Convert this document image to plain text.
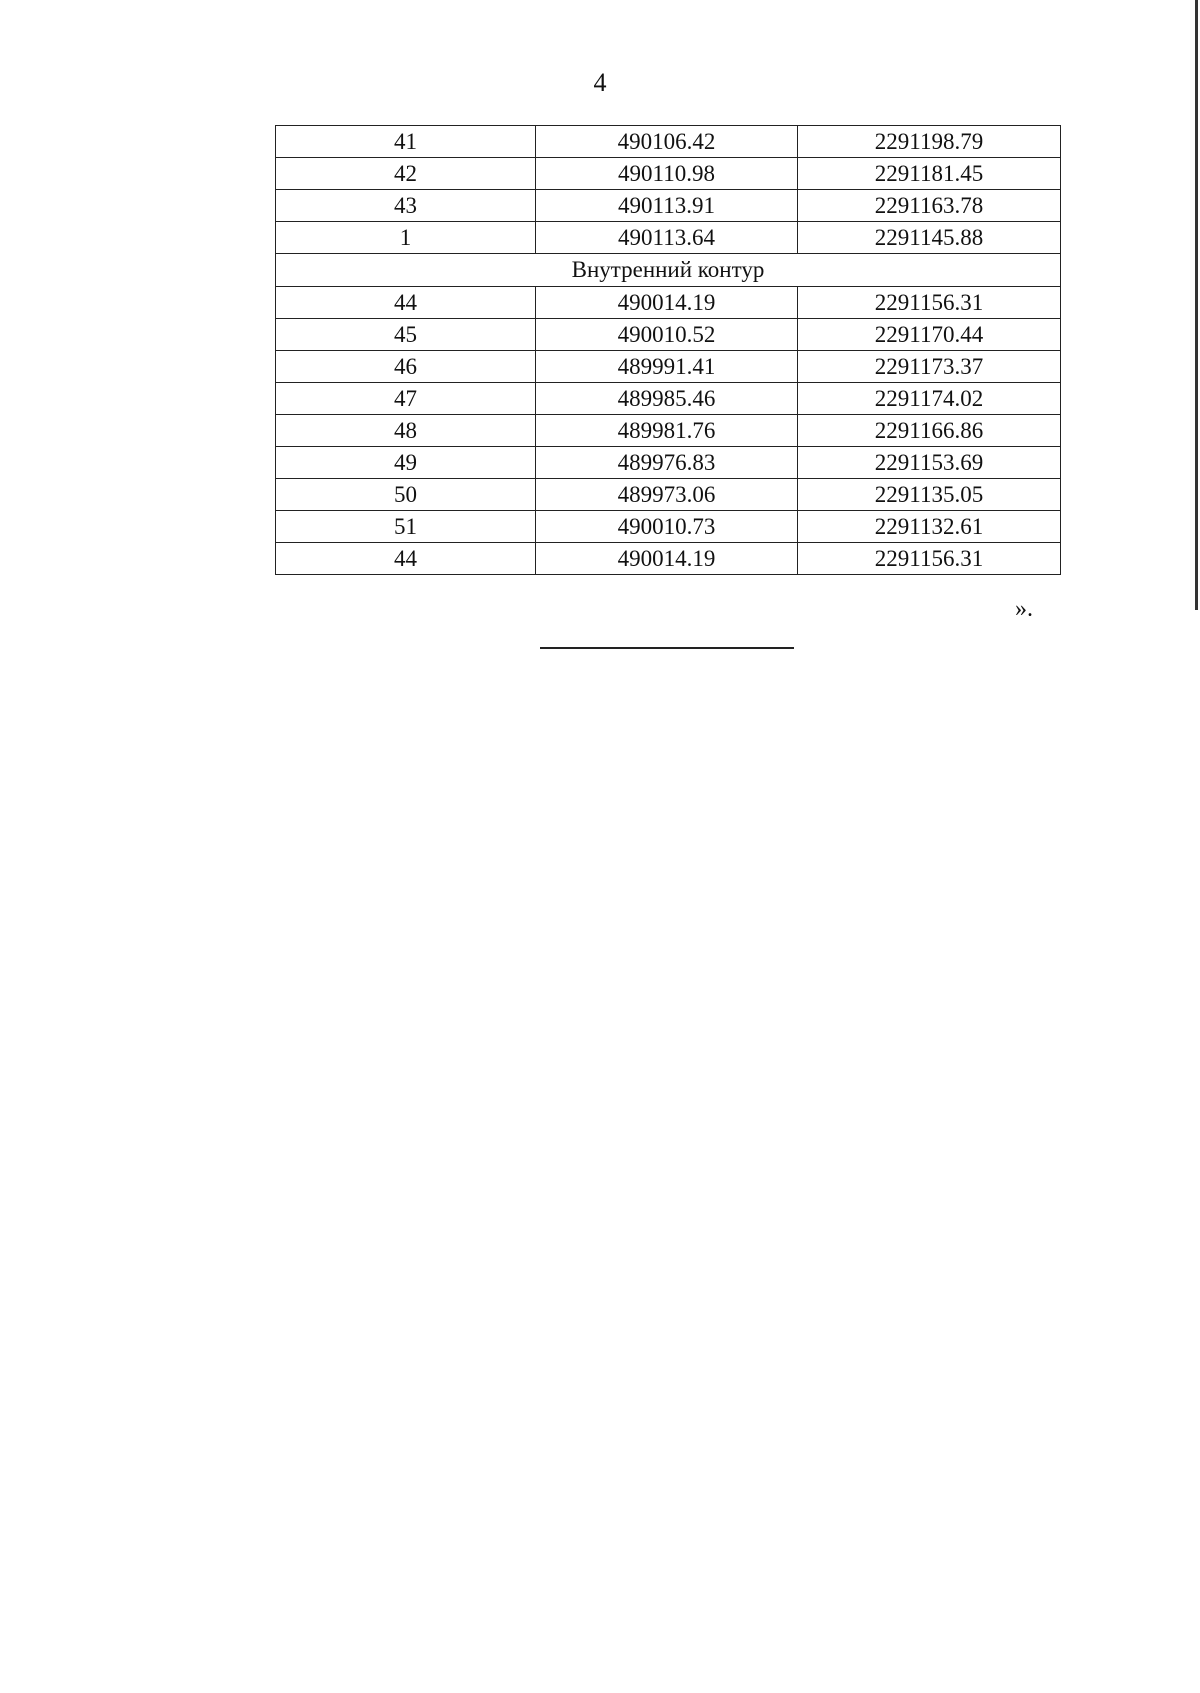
4
41	490106.42	2291198.79
42	490110.98	2291181.45
43	490113.91	2291163.78
1	490113.64	2291145.88
Внутренний контур		
44	490014.19	2291156.31
45	490010.52	2291170.44
46	489991.41	2291173.37
47	489985.46	2291174.02
48	489981.76	2291166.86
49	489976.83	2291153.69
50	489973.06	2291135.05
51	490010.73	2291132.61
44	490014.19	2291156.31
».
